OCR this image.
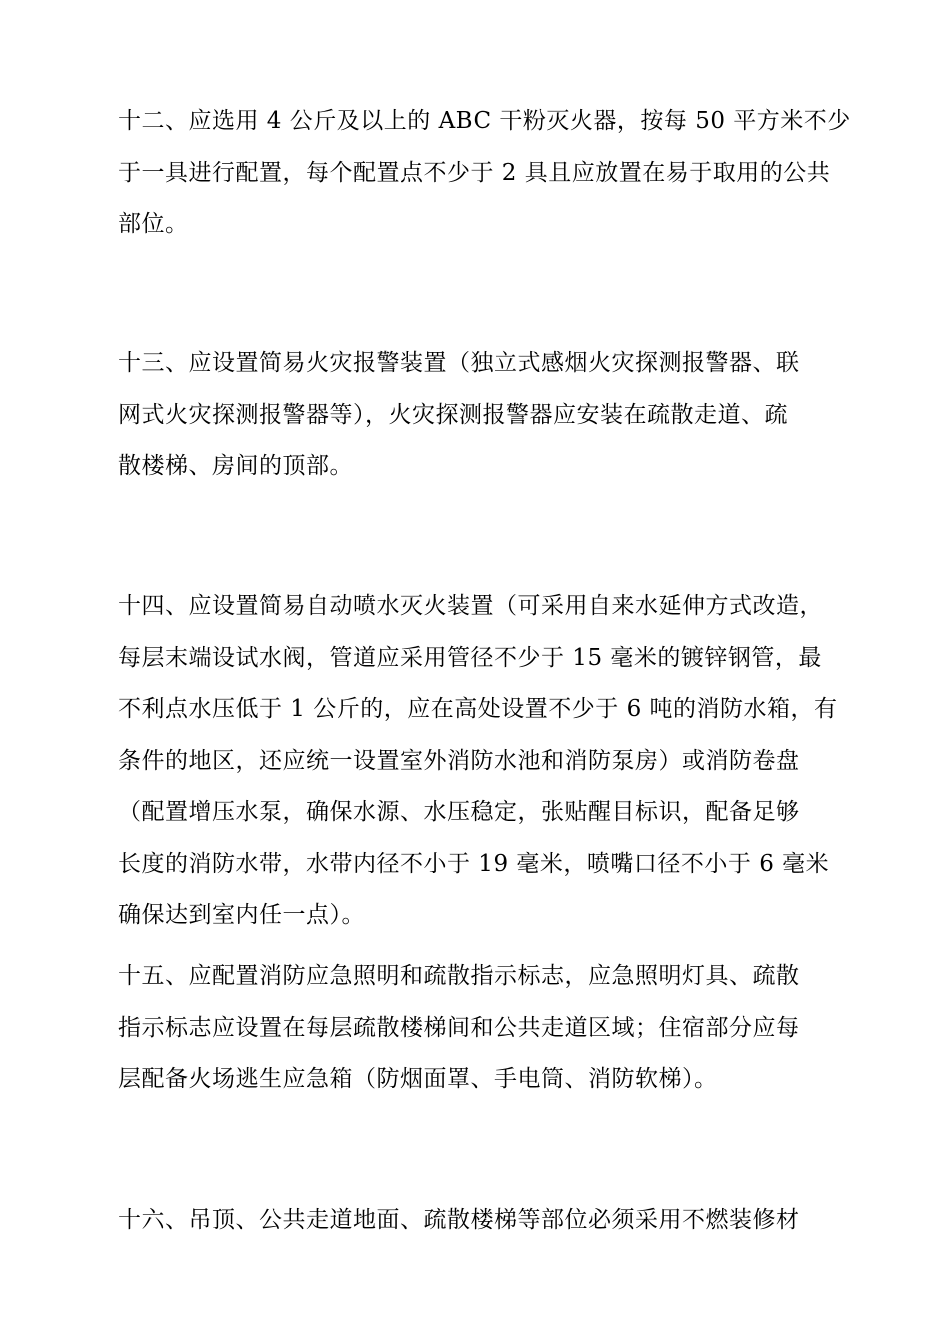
十二、应选用 4 公斤及以上的 ABC 干粉灭火器，按每 50 平方米不少
于一具进行配置，每个配置点不少于 2 具且应放置在易于取用的公共
部位。
十三、应设置简易火灾报警装置（独立式感烟火灾探测报警器、联
网式火灾探测报警器等），火灾探测报警器应安装在疏散走道、疏
散楼梯、房间的顶部。
十四、应设置简易自动喷水灭火装置（可采用自来水延伸方式改造，
每层末端设试水阀，管道应采用管径不少于 15 毫米的镀锌钢管，最
不利点水压低于 1 公斤的，应在高处设置不少于 6 吨的消防水箱，有
条件的地区，还应统一设置室外消防水池和消防泵房）或消防卷盘
（配置增压水泵，确保水源、水压稳定，张贴醒目标识，配备足够
长度的消防水带，水带内径不小于 19 毫米，喷嘴口径不小于 6 毫米
确保达到室内任一点）。
十五、应配置消防应急照明和疏散指示标志，应急照明灯具、疏散
指示标志应设置在每层疏散楼梯间和公共走道区域；住宿部分应每
层配备火场逃生应急箱（防烟面罩、手电筒、消防软梯）。
十六、吊顶、公共走道地面、疏散楼梯等部位必须采用不燃装修材
